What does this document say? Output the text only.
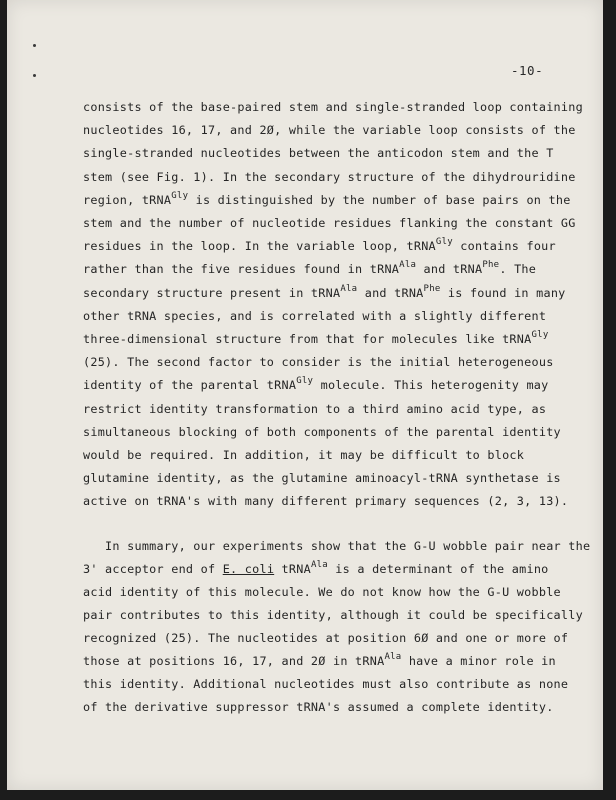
-10-
consists of the base-paired stem and single-stranded loop containing
nucleotides 16, 17, and 2Ø, while the variable loop consists of the
single-stranded nucleotides between the anticodon stem and the T
stem (see Fig. 1). In the secondary structure of the dihydrouridine
region, tRNA$^{Gly}$ is distinguished by the number of base pairs on the
stem and the number of nucleotide residues flanking the constant GG
residues in the loop. In the variable loop, tRNA$^{Gly}$ contains four
rather than the five residues found in tRNA$^{Ala}$ and tRNA$^{Phe}$. The
secondary structure present in tRNA$^{Ala}$ and tRNA$^{Phe}$ is found in many
other tRNA species, and is correlated with a slightly different
three-dimensional structure from that for molecules like tRNA$^{Gly}$
(25). The second factor to consider is the initial heterogeneous
identity of the parental tRNA$^{Gly}$ molecule. This heterogenity may
restrict identity transformation to a third amino acid type, as
simultaneous blocking of both components of the parental identity
would be required. In addition, it may be difficult to block
glutamine identity, as the glutamine aminoacyl-tRNA synthetase is
active on tRNA's with many different primary sequences (2, 3, 13).
In summary, our experiments show that the G-U wobble pair near the
3' acceptor end of E. coli tRNA$^{Ala}$ is a determinant of the amino
acid identity of this molecule. We do not know how the G-U wobble
pair contributes to this identity, although it could be specifically
recognized (25). The nucleotides at position 6Ø and one or more of
those at positions 16, 17, and 2Ø in tRNA$^{Ala}$ have a minor role in
this identity. Additional nucleotides must also contribute as none
of the derivative suppressor tRNA's assumed a complete identity.
